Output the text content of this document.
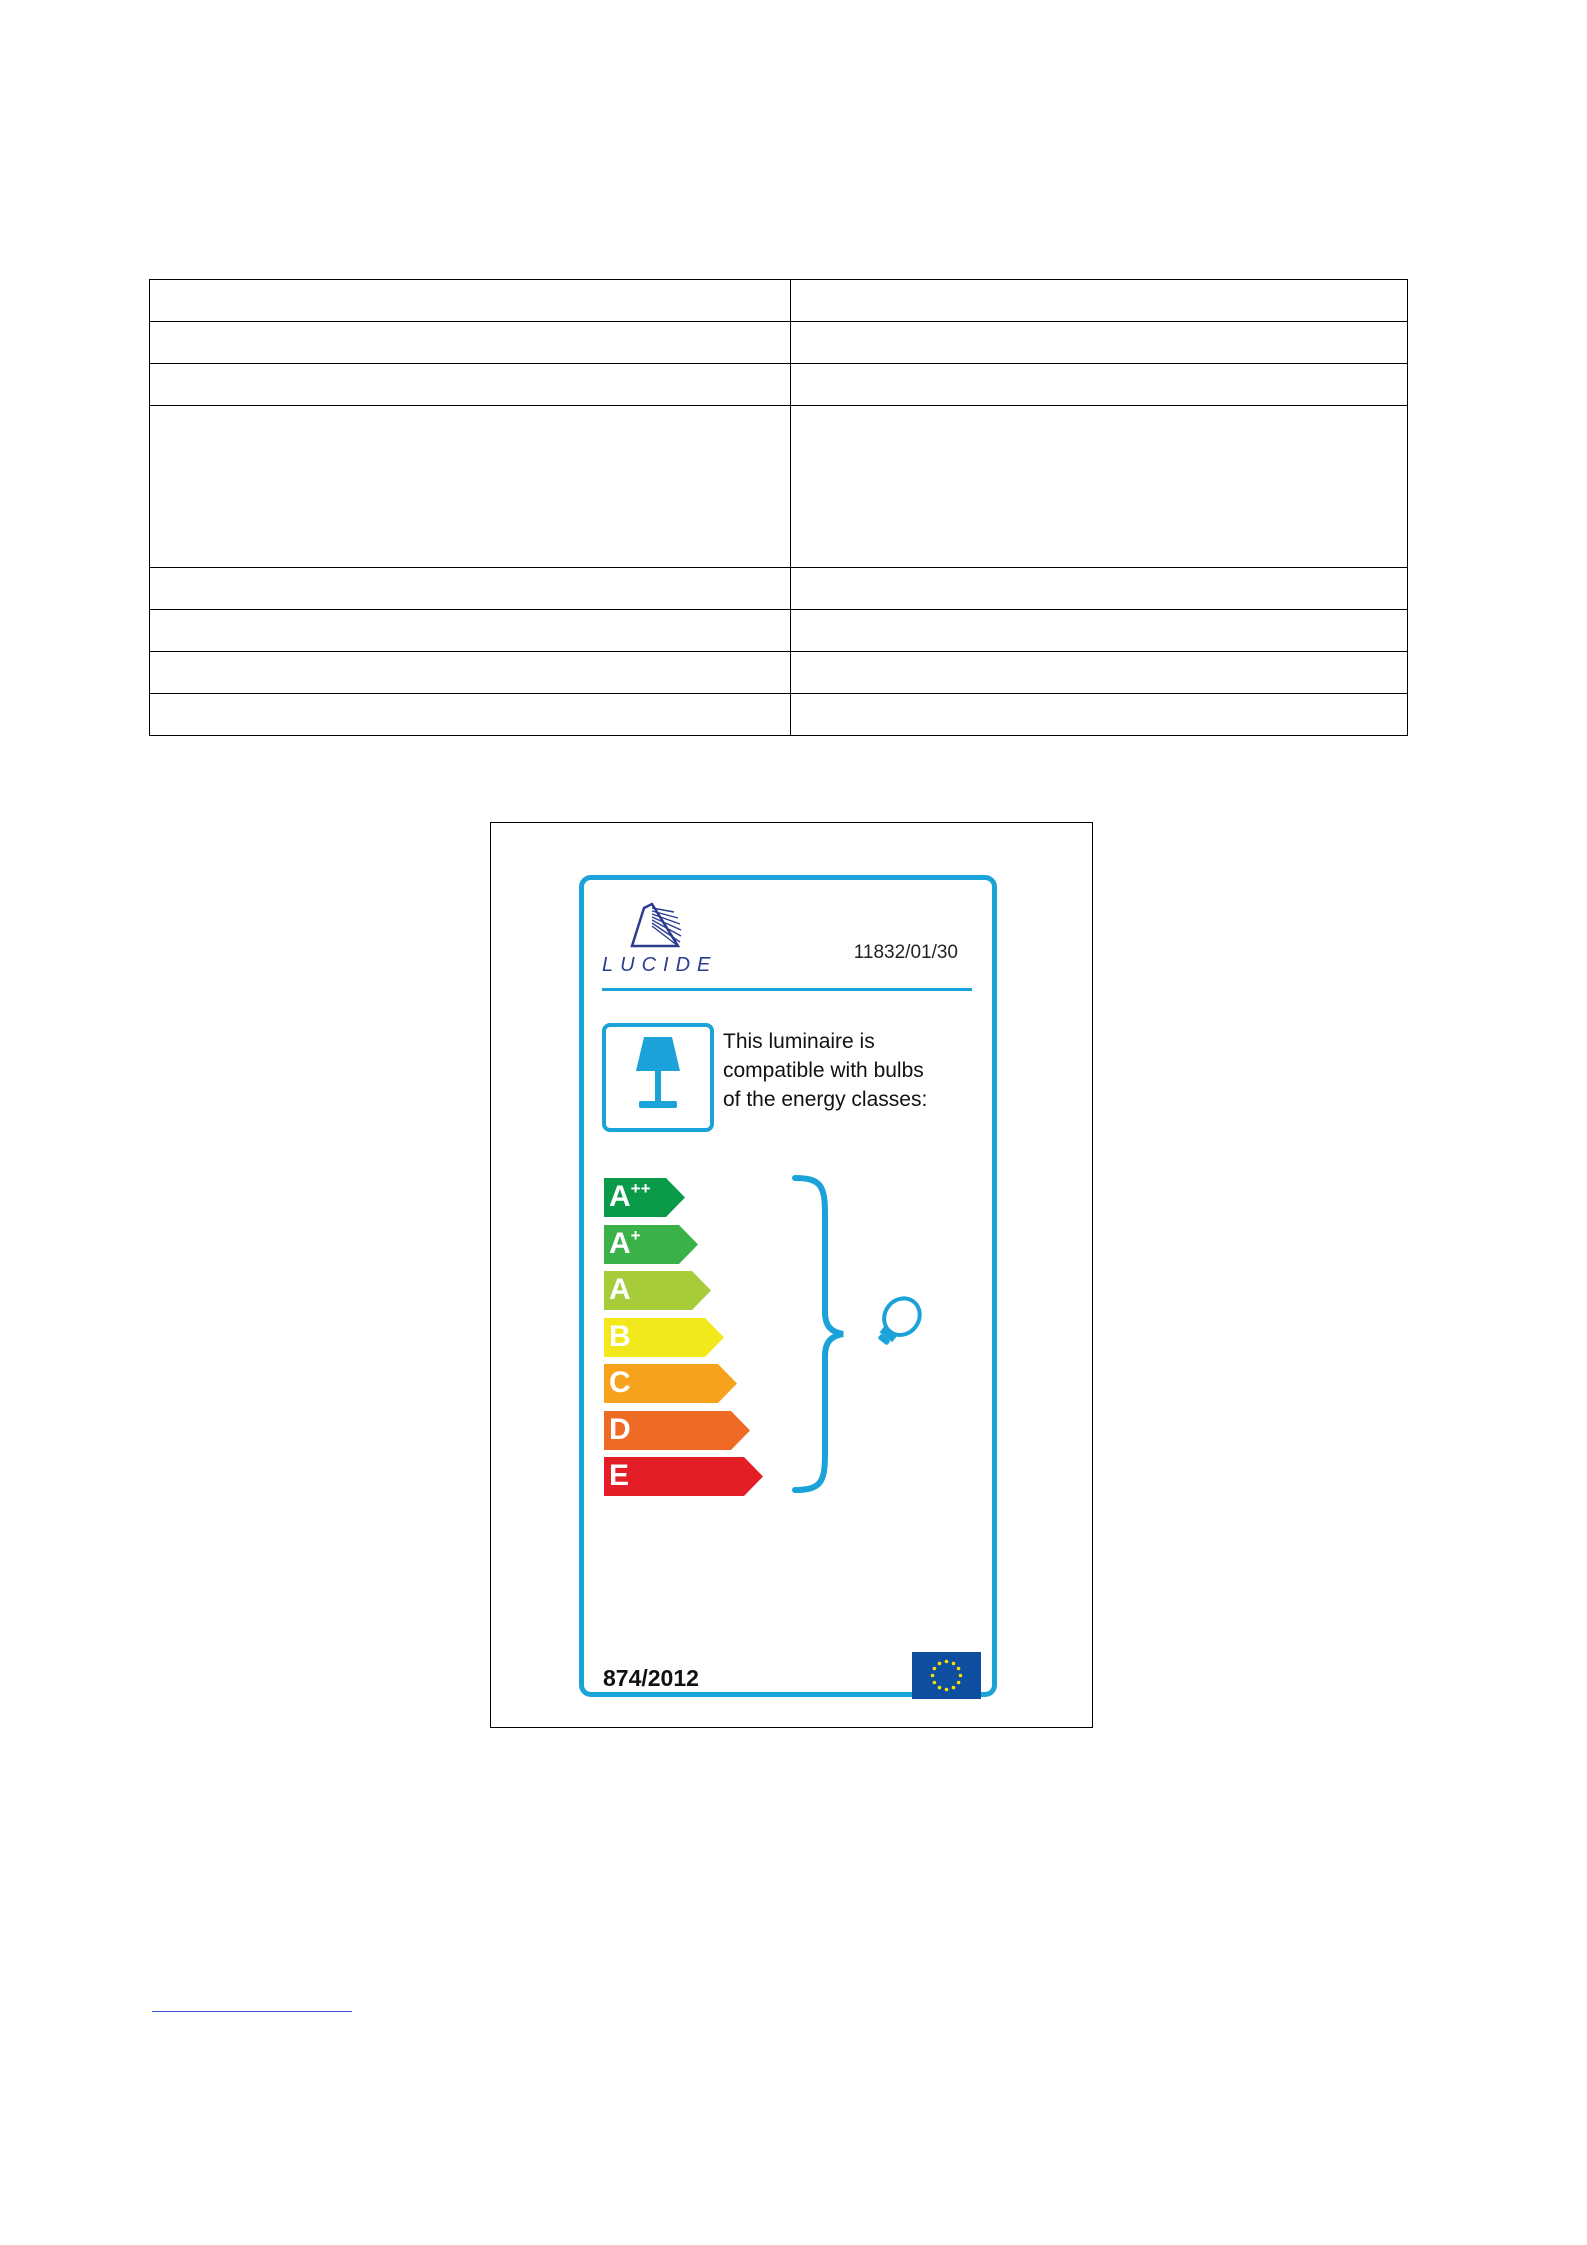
LUCIDE
11832/01/30
This luminaire is
compatible with bulbs
of the energy classes:
A++
A+
A
B
C
D
E
874/2012
